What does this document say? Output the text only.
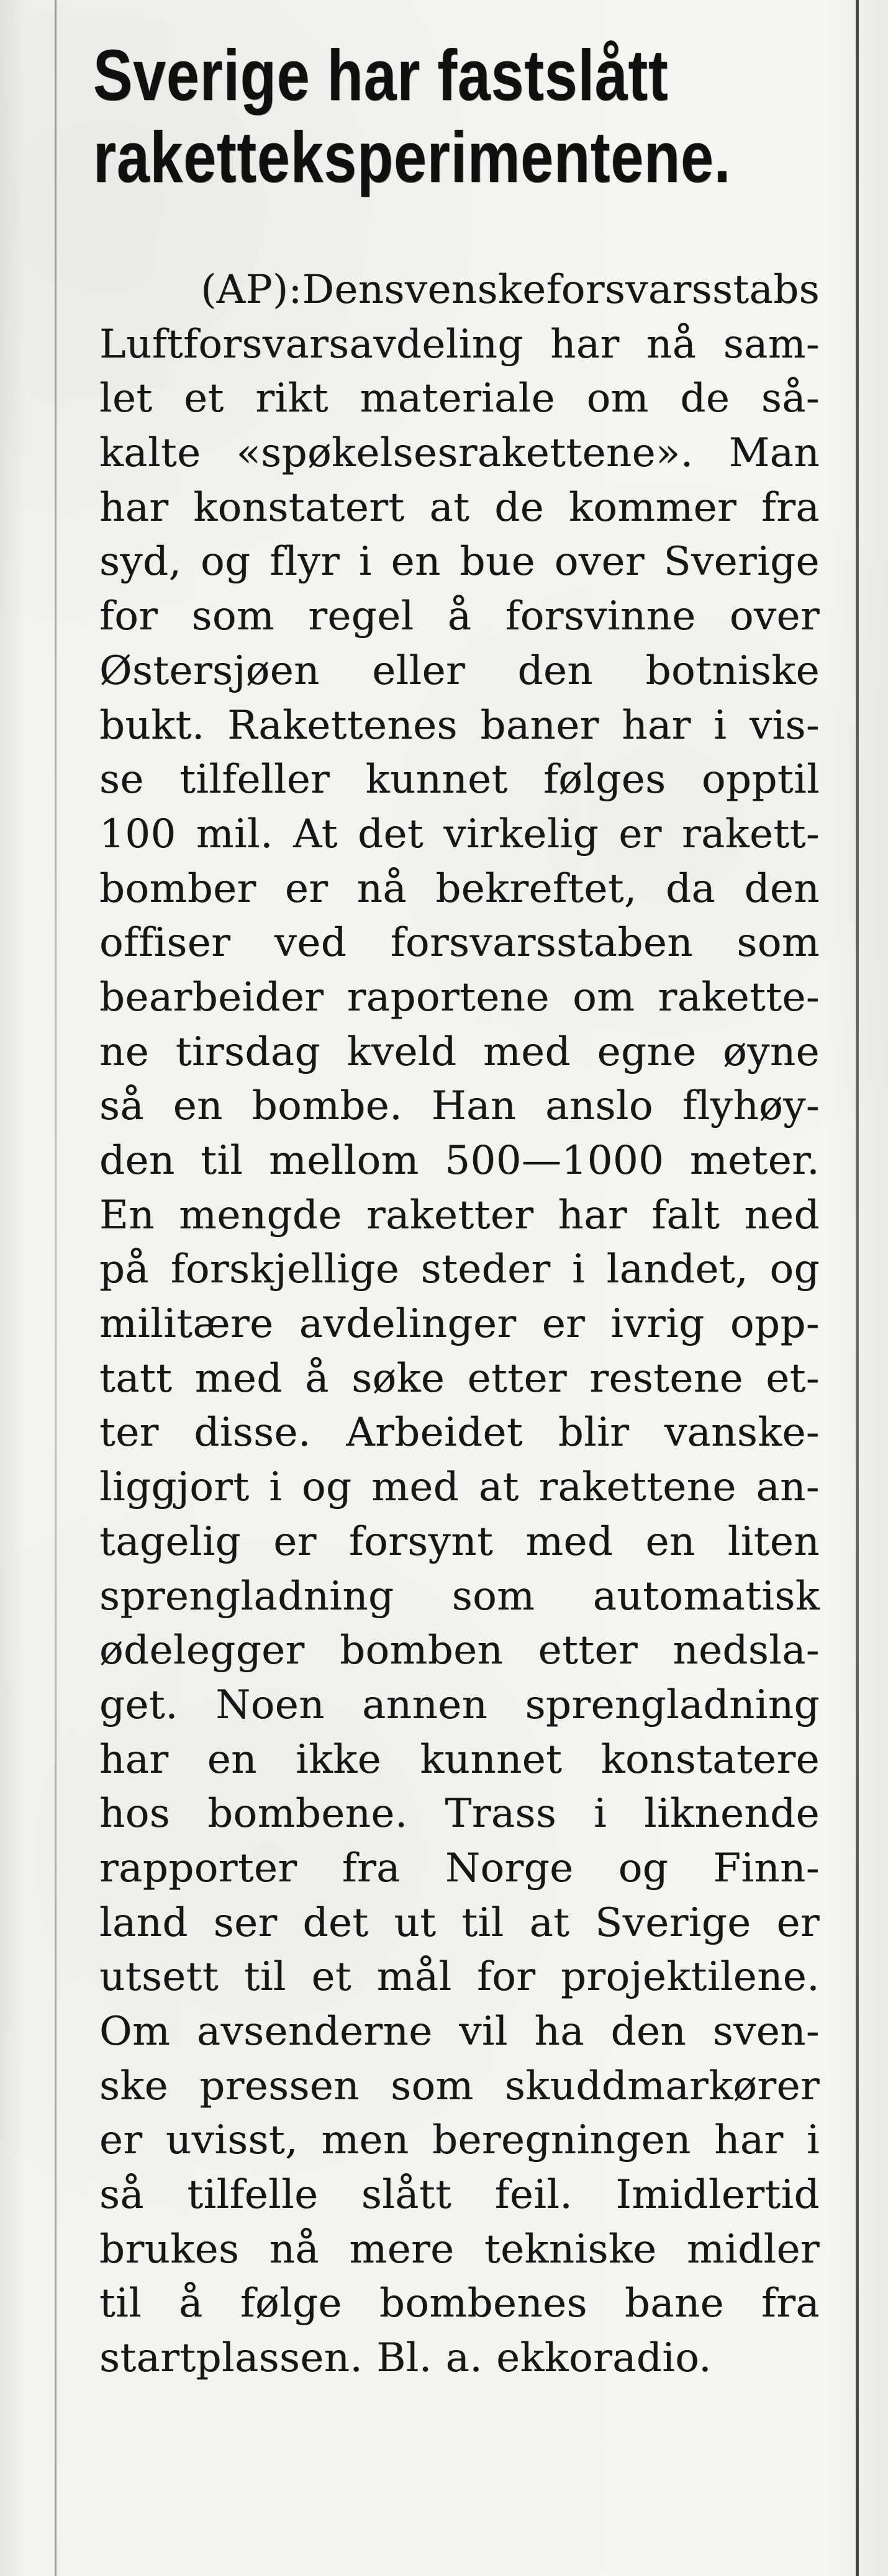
Sverige har fastslått
raketteksperimentene.
(AP): Den svenske forsvarsstabs
Luftforsvarsavdeling har nå sam-
let et rikt materiale om de så-
kalte «spøkelsesrakettene». Man
har konstatert at de kommer fra
syd, og flyr i en bue over Sverige
for som regel å forsvinne over
Østersjøen eller den botniske
bukt. Rakettenes baner har i vis-
se tilfeller kunnet følges opptil
100 mil. At det virkelig er rakett-
bomber er nå bekreftet, da den
offiser ved forsvarsstaben som
bearbeider raportene om rakette-
ne tirsdag kveld med egne øyne
så en bombe. Han anslo flyhøy-
den til mellom 500—1000 meter.
En mengde raketter har falt ned
på forskjellige steder i landet, og
militære avdelinger er ivrig opp-
tatt med å søke etter restene et-
ter disse. Arbeidet blir vanske-
liggjort i og med at rakettene an-
tagelig er forsynt med en liten
sprengladning som automatisk
ødelegger bomben etter nedsla-
get. Noen annen sprengladning
har en ikke kunnet konstatere
hos bombene. Trass i liknende
rapporter fra Norge og Finn-
land ser det ut til at Sverige er
utsett til et mål for projektilene.
Om avsenderne vil ha den sven-
ske pressen som skuddmarkører
er uvisst, men beregningen har i
så tilfelle slått feil. Imidlertid
brukes nå mere tekniske midler
til å følge bombenes bane fra
startplassen. Bl. a. ekkoradio.
